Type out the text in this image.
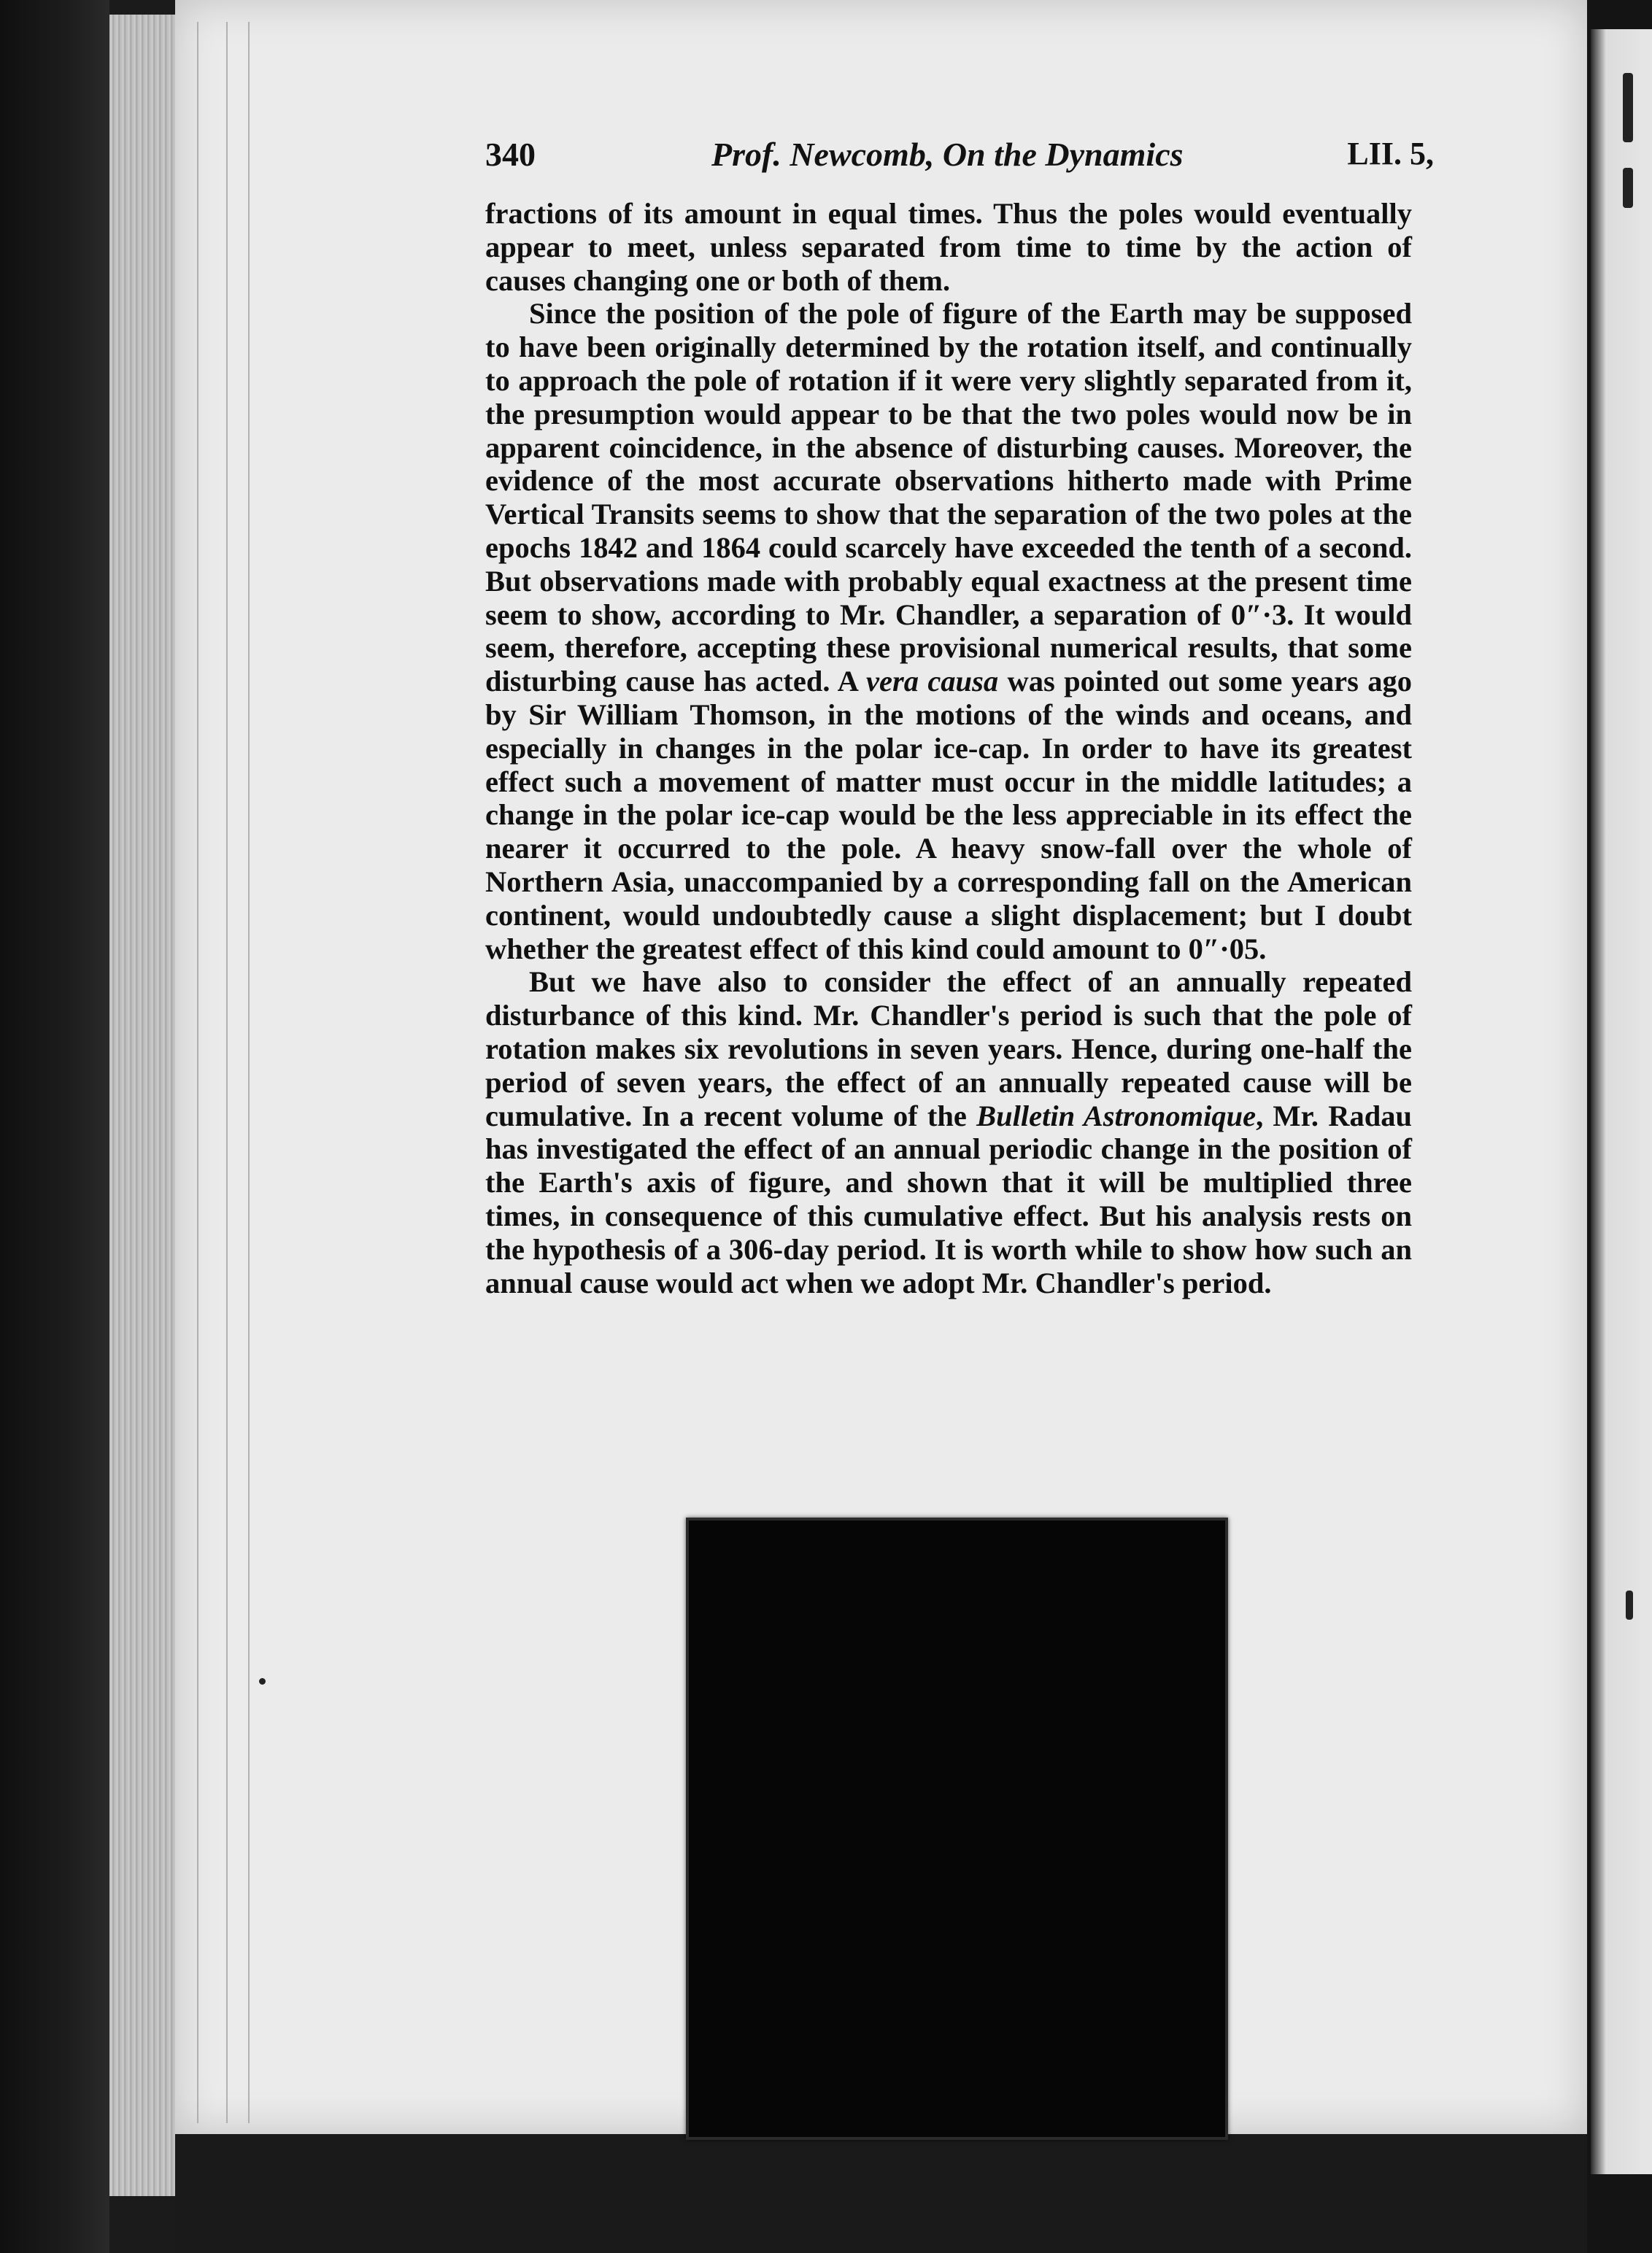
340	Prof. Newcomb, On the Dynamics	LII. 5,

fractions of its amount in equal times. Thus the poles would eventually appear to meet, unless separated from time to time by the action of causes changing one or both of them.

Since the position of the pole of figure of the Earth may be supposed to have been originally determined by the rotation itself, and continually to approach the pole of rotation if it were very slightly separated from it, the presumption would appear to be that the two poles would now be in apparent coincidence, in the absence of disturbing causes. Moreover, the evidence of the most accurate observations hitherto made with Prime Vertical Transits seems to show that the separation of the two poles at the epochs 1842 and 1864 could scarcely have exceeded the tenth of a second. But observations made with probably equal exactness at the present time seem to show, according to Mr. Chandler, a separation of 0″·3. It would seem, therefore, accepting these provisional numerical results, that some disturbing cause has acted. A vera causa was pointed out some years ago by Sir William Thomson, in the motions of the winds and oceans, and especially in changes in the polar ice-cap. In order to have its greatest effect such a movement of matter must occur in the middle latitudes; a change in the polar ice-cap would be the less appreciable in its effect the nearer it occurred to the pole. A heavy snow-fall over the whole of Northern Asia, unaccompanied by a corresponding fall on the American continent, would undoubtedly cause a slight displacement; but I doubt whether the greatest effect of this kind could amount to 0″·05.

But we have also to consider the effect of an annually repeated disturbance of this kind. Mr. Chandler's period is such that the pole of rotation makes six revolutions in seven years. Hence, during one-half the period of seven years, the effect of an annually repeated cause will be cumulative. In a recent volume of the Bulletin Astronomique, Mr. Radau has investigated the effect of an annual periodic change in the position of the Earth's axis of figure, and shown that it will be multiplied three times, in consequence of this cumulative effect. But his analysis rests on the hypothesis of a 306-day period. It is worth while to show how such an annual cause would act when we adopt Mr. Chandler's period.
